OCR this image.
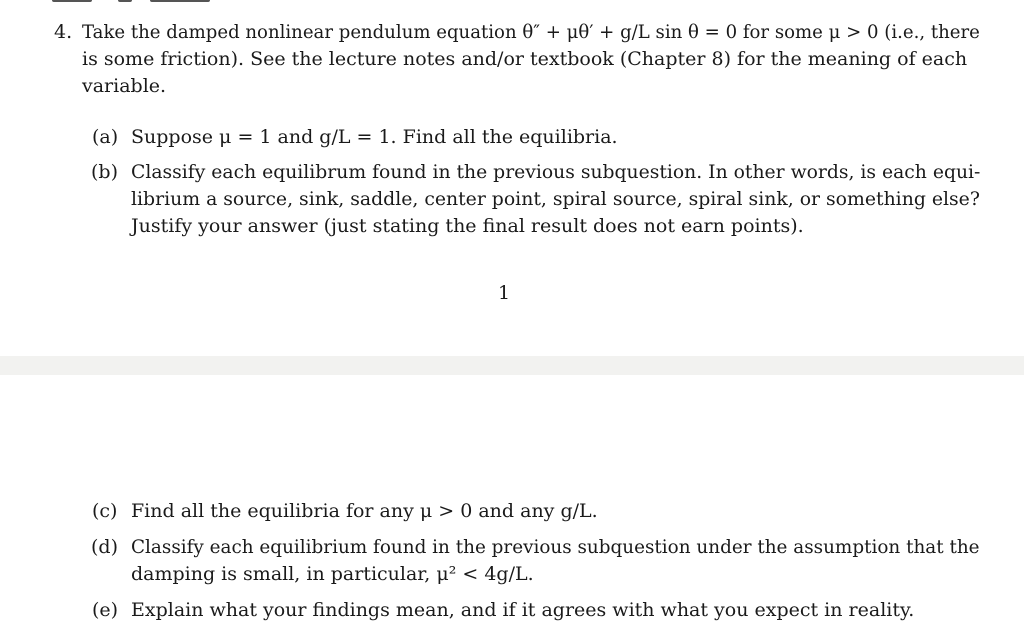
4. Take the damped nonlinear pendulum equation θ″ + μθ′ + g/L sin θ = 0 for some μ > 0 (i.e., there
is some friction). See the lecture notes and/or textbook (Chapter 8) for the meaning of each
variable.
(a) Suppose μ = 1 and g/L = 1. Find all the equilibria.
(b) Classify each equilibrum found in the previous subquestion. In other words, is each equi-
librium a source, sink, saddle, center point, spiral source, spiral sink, or something else?
Justify your answer (just stating the final result does not earn points).
1
(c) Find all the equilibria for any μ > 0 and any g/L.
(d) Classify each equilibrium found in the previous subquestion under the assumption that the
damping is small, in particular, μ² < 4g/L.
(e) Explain what your findings mean, and if it agrees with what you expect in reality.
